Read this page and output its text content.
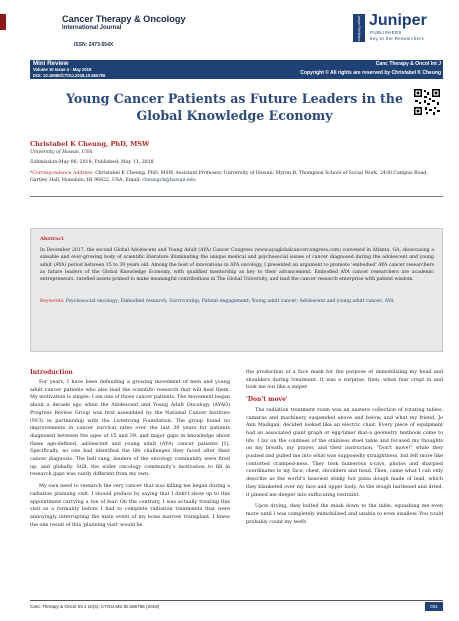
Cancer Therapy & Oncology
International Journal
ISSN: 2473-554X
Juniper Publishers Juniper
PUBLISHERS
key to the Researchers
Mini Review
Volume 10 Issue 4 - May 2018
DOI: 10.19080/CTOIJ.2018.10.555795
Canc Therapy & Oncol Int J
Copyright © All rights are reserved by Christabel K Cheung
Young Cancer Patients as Future Leaders in the Global Knowledge Economy
Christabel K Cheung, PhD, MSW
University of Hawaii, USA
Submission:May 06, 2018; Published: May 11, 2018
*Correspondence Address: Christabel K Cheung, PhD, MSW, Assistant Professor, University of Hawaii, Myron B, Thompson School of Social Work, 2430 Campus Road, Gartley Hall, Honolulu, HI 96822, USA, Email: cheungck@hawaii.edu
Abstract
In December 2017, the second Global Adolescent and Young Adult (AYA) Cancer Congress (www.ayaglobalcancercongress.com) convened in Atlanta, GA, showcasing a sizeable and ever-growing body of scientific literature illuminating the unique medical and psychosocial issues of cancer diagnosed during the adolescent and young adult (AYA) period between 15 to 39 years old. Among the host of innovations in AYA oncology, I presented an argument to promote 'embodied' AYA cancer researchers as future leaders of the Global Knowledge Economy, with qualified mentorship as key to their advancement. Embodied AYA cancer researchers are academic entrepreneurs, rarefied assets primed to make meaningful contributions in The Global University, and lead the cancer research enterprise with patient wisdom.
Keywords: Psychosocial oncology; Embodied research; Survivorship; Patient engagement; Young adult cancer; Adolescent and young adult cancer; AYA
Introduction

For years, I have been defending a growing movement of teen and young adult cancer patients who also lead the scientific research that will heal them. My motivation is simple: I am one of those cancer patients. The movement began about a decade ago when the Adolescent and Young Adult Oncology (AYAO) Progress Review Group was first assembled by the National Cancer Institute (NCI) in partnership with the Livestrong Foundation. The group found no improvements in cancer survival rates over the last 30 years for patients diagnosed between the ages of 15 and 39, and major gaps in knowledge about these age-defined, adolescent and young adult (AYA) cancer patients [1]. Specifically, no one had identified the life challenges they faced after their cancer diagnosis. The bell rang, leaders of the oncology community were fired up, and globally. Still, the wider oncology community's motivation to fill in research gaps was vastly different from my own.

My own need to research the very cancer that was killing me began during a radiation planning visit. I should preface by saying that I didn't show up to this appointment carrying a ton of fear. On the contrary, I was actually treating this visit as a formality before I had to complete radiation treatments that were annoyingly interrupting the main event of my bone marrow transplant. I knew the one result of this 'planning visit' would be

the production of a face mask for the purpose of immobilizing my head and shoulders during treatment. It was a surprise, then, when fear crept in and took me out like a sniper.

'Don't move'

The radiation treatment room was an austere collection of rotating tables, cameras and machinery suspended above and below, and what my friend, Jo Ann Madigan, decided looked like an electric chair. Every piece of equipment had an associated giant graph or egg-timer dial–a geometry textbook come to life. I lay on the coldness of the stainless steel table and focused my thoughts on my breath, my prayer, and their instruction, "Don't move!" while they pushed and pulled me into what was supposedly straightness, but felt more like contorted cramped-ness. They took numerous x-rays, photos and sharpied coordinates to my face, chest, shoulders and head. Then, came what I can only describe as the world's heaviest stinky hot pizza dough made of lead, which they blanketed over my face and upper body. As the dough hardened and dried, it pinned me deeper into suffocating restraint.

Upon drying, they bolted the mask down to the table, squashing me even more until I was completely immobilized and unable to even swallow. You could probably count my teeth

Canc Therapy & Oncol Int J 10(4): CTOIJ.MS.ID.555795 (2018)	001
